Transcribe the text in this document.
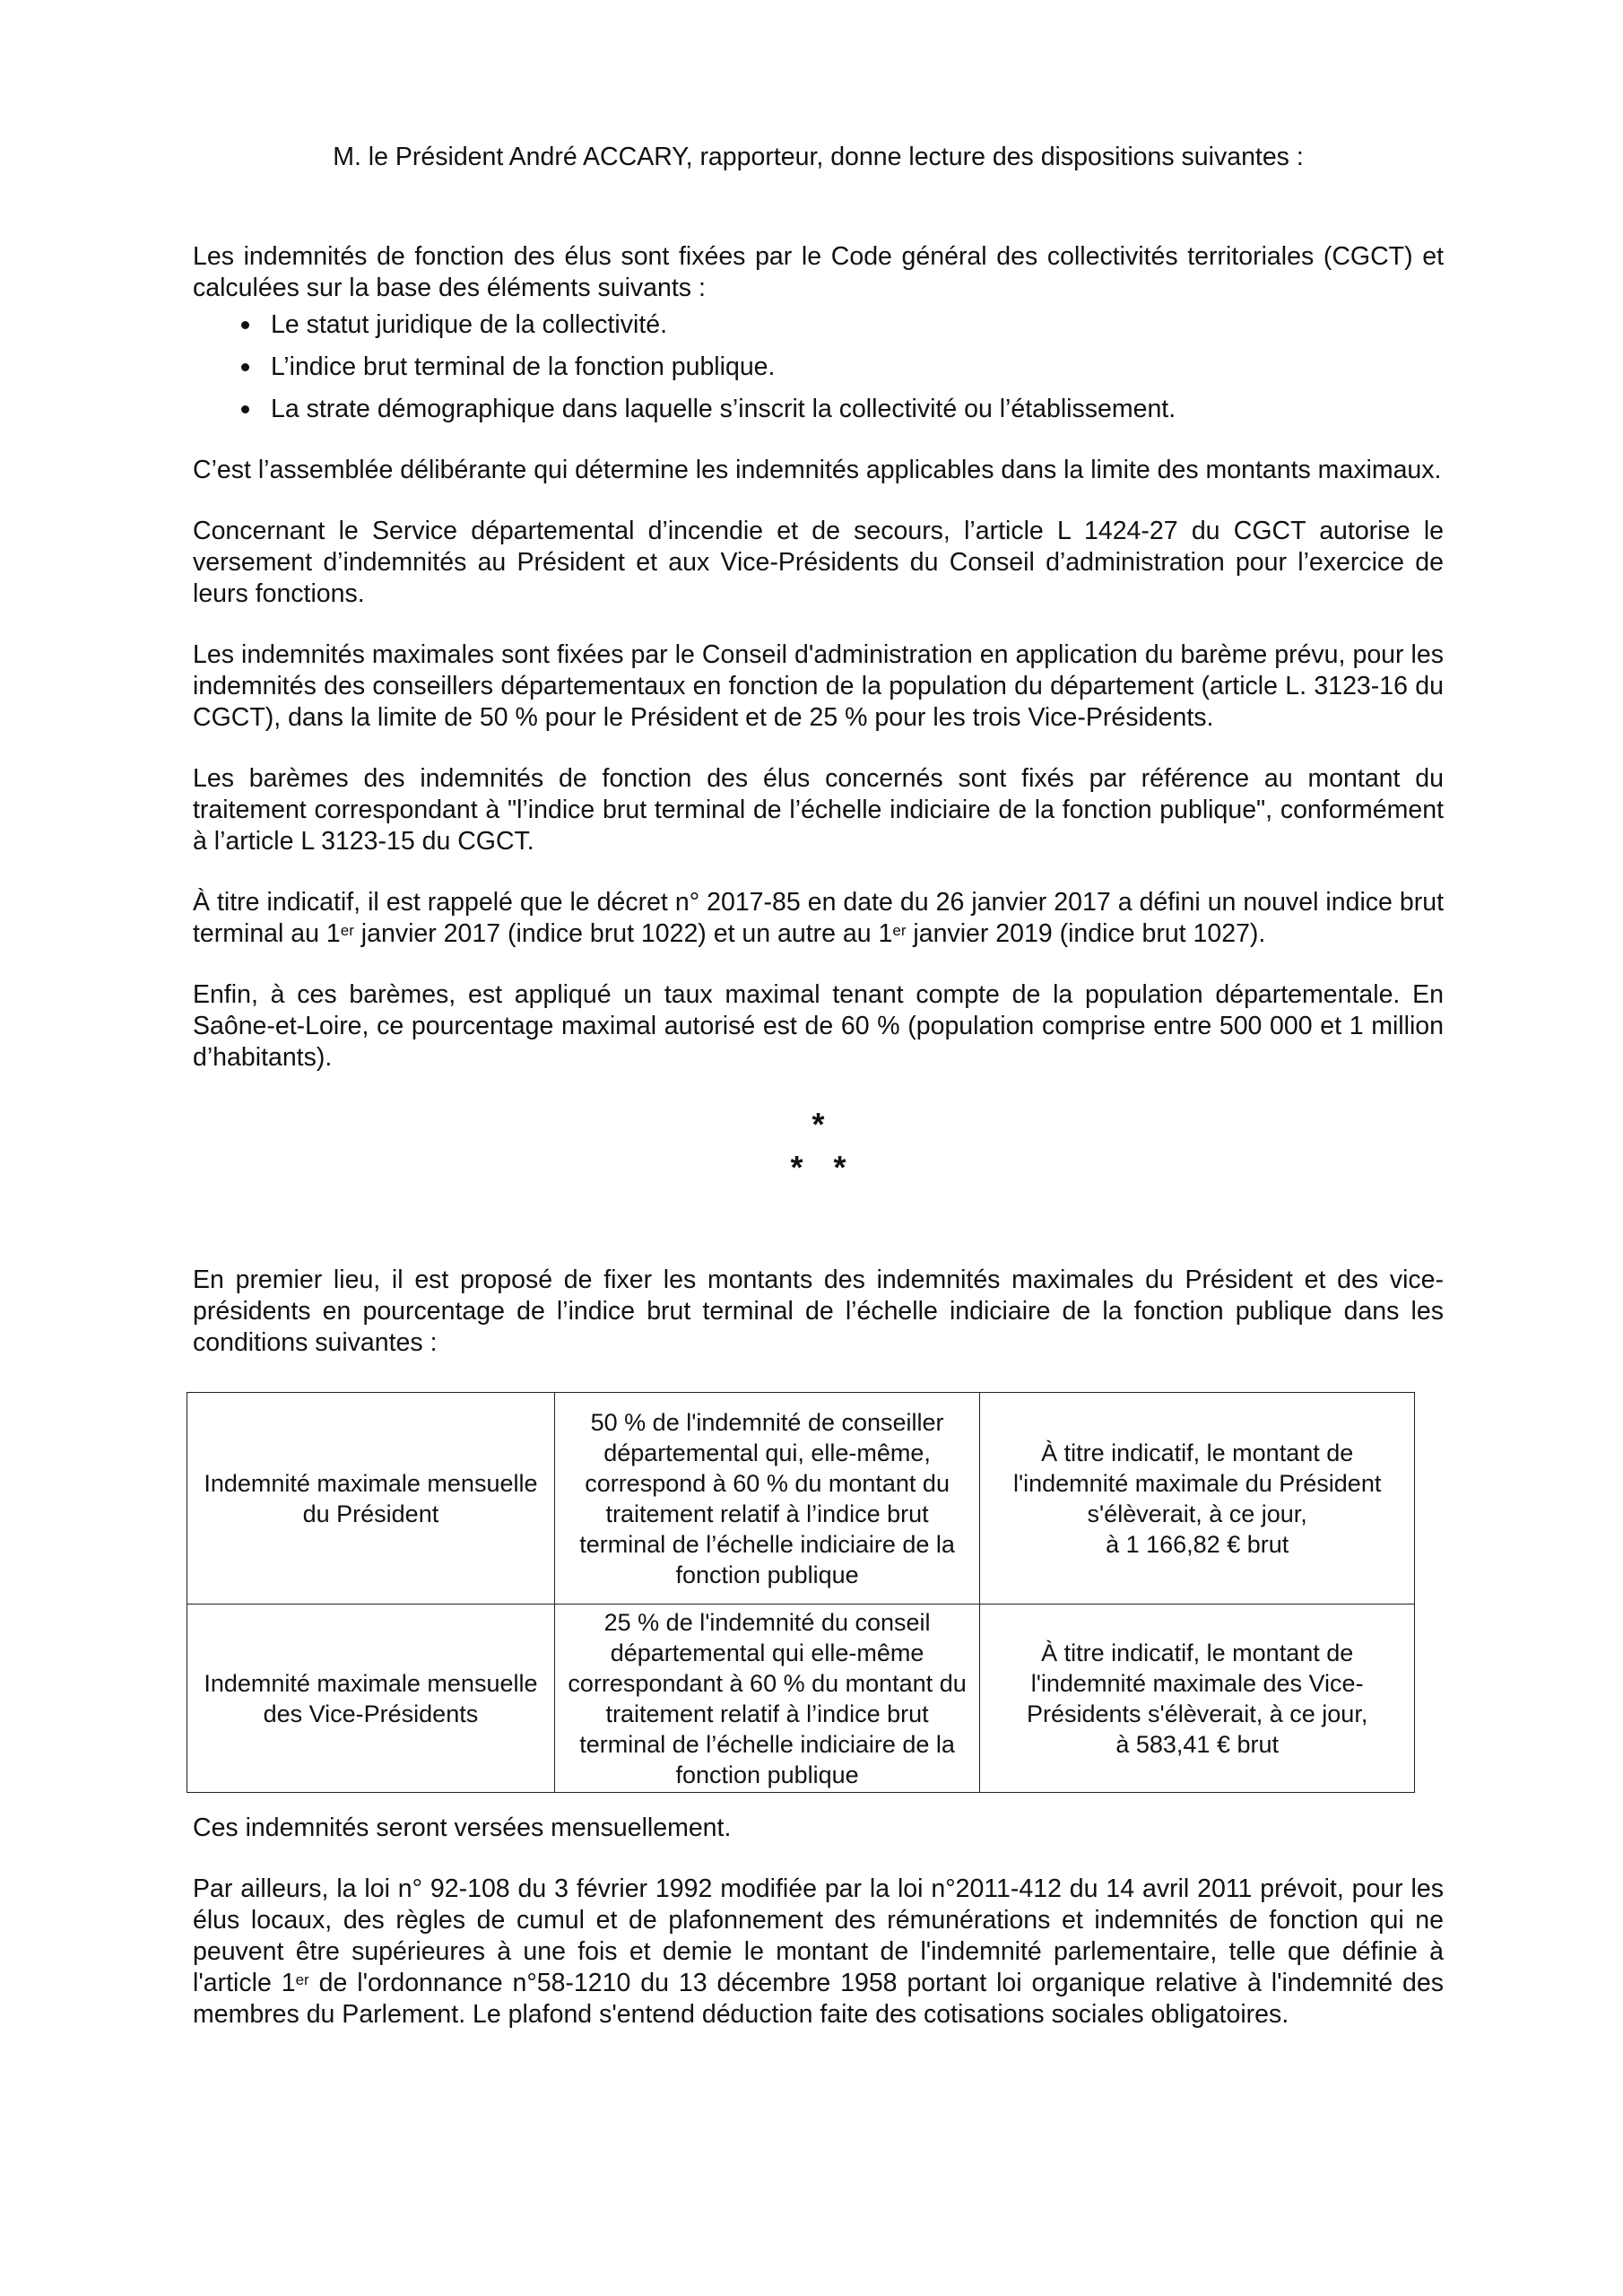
M. le Président André ACCARY, rapporteur, donne lecture des dispositions suivantes :

Les indemnités de fonction des élus sont fixées par le Code général des collectivités territoriales (CGCT) et calculées sur la base des éléments suivants :

Le statut juridique de la collectivité.
L’indice brut terminal de la fonction publique.
La strate démographique dans laquelle s’inscrit la collectivité ou l’établissement.

C’est l’assemblée délibérante qui détermine les indemnités applicables dans la limite des montants maximaux.

Concernant le Service départemental d’incendie et de secours, l’article L 1424-27 du CGCT autorise le versement d’indemnités au Président et aux Vice-Présidents du Conseil d’administration pour l’exercice de leurs fonctions.

Les indemnités maximales sont fixées par le Conseil d'administration en application du barème prévu, pour les indemnités des conseillers départementaux en fonction de la population du département (article L. 3123-16 du CGCT), dans la limite de 50 % pour le Président et de 25 % pour les trois Vice-Présidents.

Les barèmes des indemnités de fonction des élus concernés sont fixés par référence au montant du traitement correspondant à "l’indice brut terminal de l’échelle indiciaire de la fonction publique", conformément à l’article L 3123-15 du CGCT.

À titre indicatif, il est rappelé que le décret n° 2017-85 en date du 26 janvier 2017 a défini un nouvel indice brut terminal au 1er janvier 2017 (indice brut 1022) et un autre au 1er janvier 2019 (indice brut 1027).

Enfin, à ces barèmes, est appliqué un taux maximal tenant compte de la population départementale. En Saône-et-Loire, ce pourcentage maximal autorisé est de 60 % (population comprise entre 500 000 et 1 million d’habitants).

*
**

En premier lieu, il est proposé de fixer les montants des indemnités maximales du Président et des vice-présidents en pourcentage de l’indice brut terminal de l’échelle indiciaire de la fonction publique dans les conditions suivantes :

Indemnité maximale mensuelle du Président	50 % de l'indemnité de conseiller départemental qui, elle-même, correspond à 60 % du montant du traitement relatif à l’indice brut terminal de l’échelle indiciaire de la fonction publique	À titre indicatif, le montant de l'indemnité maximale du Président s'élèverait, à ce jour,
à 1 166,82 € brut

Indemnité maximale mensuelle des Vice-Présidents	25 % de l'indemnité du conseil départemental qui elle-même correspondant à 60 % du montant du traitement relatif à l’indice brut terminal de l’échelle indiciaire de la fonction publique	À titre indicatif, le montant de l'indemnité maximale des Vice-Présidents s'élèverait, à ce jour,
à 583,41 € brut

Ces indemnités seront versées mensuellement.

Par ailleurs, la loi n° 92-108 du 3 février 1992 modifiée par la loi n°2011-412 du 14 avril 2011 prévoit, pour les élus locaux, des règles de cumul et de plafonnement des rémunérations et indemnités de fonction qui ne peuvent être supérieures à une fois et demie le montant de l'indemnité parlementaire, telle que définie à l'article 1er de l'ordonnance n°58-1210 du 13 décembre 1958 portant loi organique relative à l'indemnité des membres du Parlement. Le plafond s'entend déduction faite des cotisations sociales obligatoires.
